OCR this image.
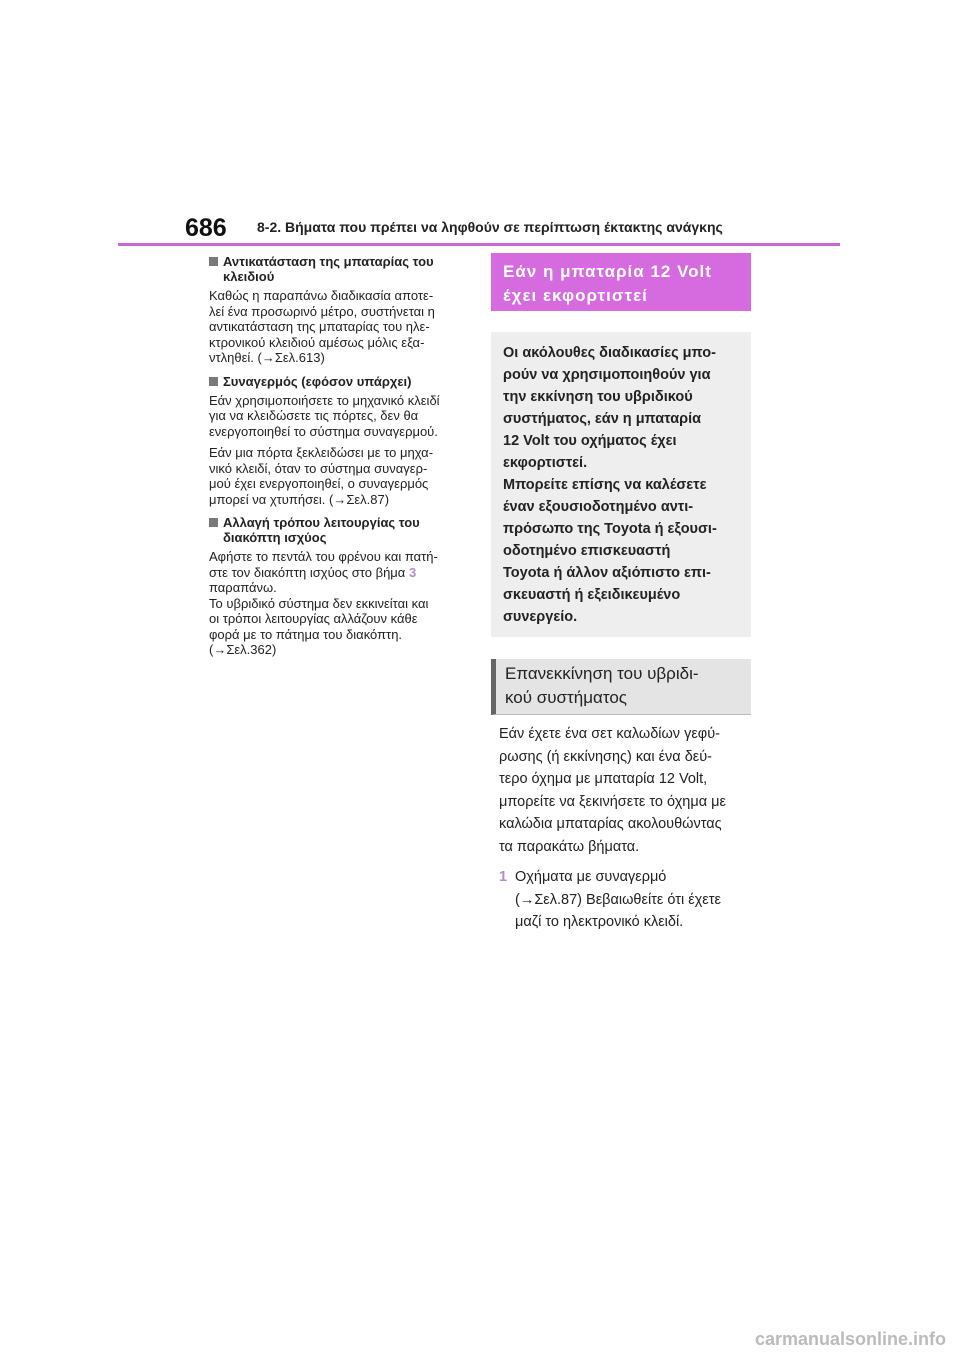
686 8-2. Βήματα που πρέπει να ληφθούν σε περίπτωση έκτακτης ανάγκης
Αντικατάσταση της μπαταρίας του κλειδιού

Καθώς η παραπάνω διαδικασία αποτε-
λεί ένα προσωρινό μέτρο, συστήνεται η
αντικατάσταση της μπαταρίας του ηλε-
κτρονικού κλειδιού αμέσως μόλις εξα-
ντληθεί. (→Σελ.613)

Συναγερμός (εφόσον υπάρχει)

Εάν χρησιμοποιήσετε το μηχανικό κλειδί
για να κλειδώσετε τις πόρτες, δεν θα
ενεργοποιηθεί το σύστημα συναγερμού.

Εάν μια πόρτα ξεκλειδώσει με το μηχα-
νικό κλειδί, όταν το σύστημα συναγερ-
μού έχει ενεργοποιηθεί, ο συναγερμός
μπορεί να χτυπήσει. (→Σελ.87)

Αλλαγή τρόπου λειτουργίας του διακόπτη ισχύος

Αφήστε το πεντάλ του φρένου και πατή-
στε τον διακόπτη ισχύος στο βήμα 3
παραπάνω.
Το υβριδικό σύστημα δεν εκκινείται και
οι τρόποι λειτουργίας αλλάζουν κάθε
φορά με το πάτημα του διακόπτη.
(→Σελ.362)

Εάν η μπαταρία 12 Volt έχει εκφορτιστεί
Οι ακόλουθες διαδικασίες μπο-
ρούν να χρησιμοποιηθούν για
την εκκίνηση του υβριδικού
συστήματος, εάν η μπαταρία
12 Volt του οχήματος έχει
εκφορτιστεί.
Μπορείτε επίσης να καλέσετε
έναν εξουσιοδοτημένο αντι-
πρόσωπο της Toyota ή εξουσι-
οδοτημένο επισκευαστή
Toyota ή άλλον αξιόπιστο επι-
σκευαστή ή εξειδικευμένο
συνεργείο.
Επανεκκίνηση του υβριδι-
κού συστήματος
Εάν έχετε ένα σετ καλωδίων γεφύ-
ρωσης (ή εκκίνησης) και ένα δεύ-
τερο όχημα με μπαταρία 12 Volt,
μπορείτε να ξεκινήσετε το όχημα με
καλώδια μπαταρίας ακολουθώντας
τα παρακάτω βήματα.
1 Οχήματα με συναγερμό
(→Σελ.87) Βεβαιωθείτε ότι έχετε
μαζί το ηλεκτρονικό κλειδί.
carmanualsonline.info
